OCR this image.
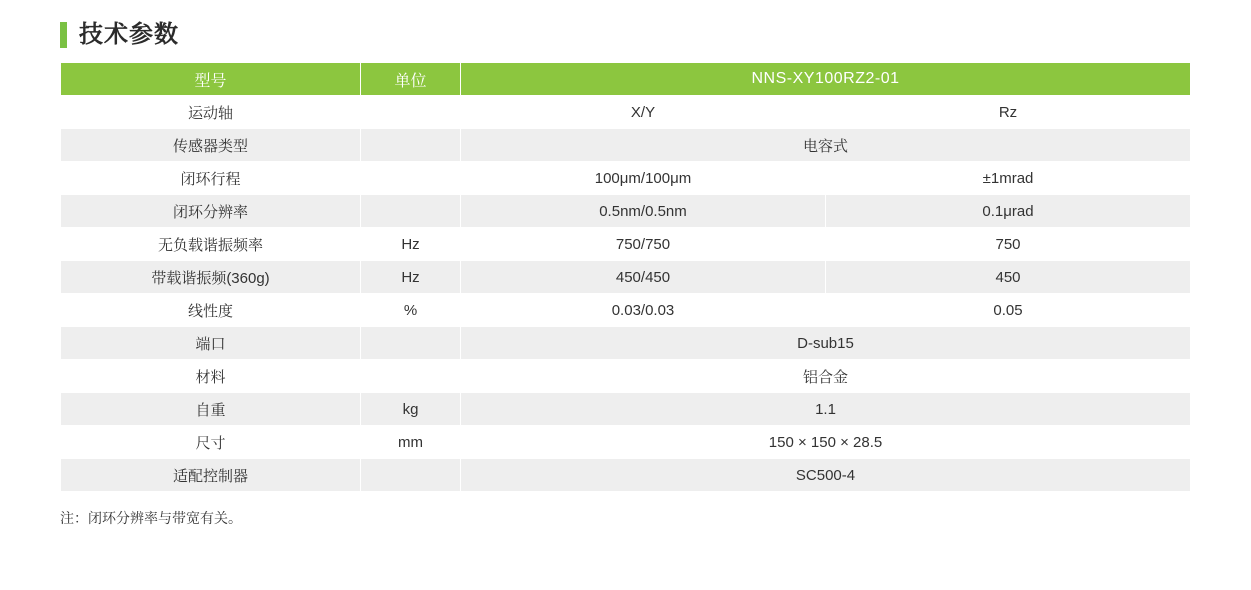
技术参数
型号	单位	NNS-XY100RZ2-01	
运动轴		X/Y	Rz
传感器类型		电容式	
闭环行程		100μm/100μm	±1mrad
闭环分辨率		0.5nm/0.5nm	0.1μrad
无负载谐振频率	Hz	750/750	750
带载谐振频(360g)	Hz	450/450	450
线性度	%	0.03/0.03	0.05
端口		D-sub15	
材料		铝合金	
自重	kg	1.1	
尺寸	mm	150 × 150 × 28.5	
适配控制器		SC500-4	
注：闭环分辨率与带宽有关。
